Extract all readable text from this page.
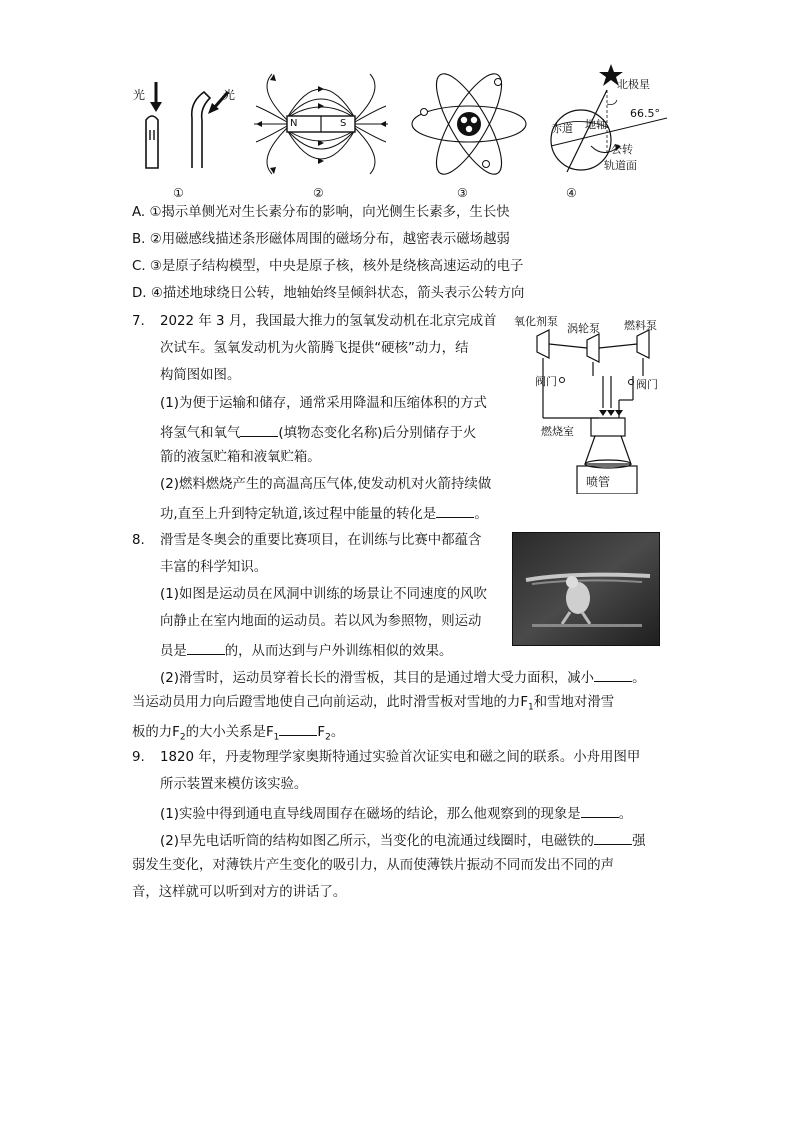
光	光
①
N	S
②	③
北极星
66.5°
赤道 地轴
公转
轨道面
④
A. ①揭示单侧光对生长素分布的影响，向光侧生长素多，生长快
B. ②用磁感线描述条形磁体周围的磁场分布，越密表示磁场越弱
C. ③是原子结构模型，中央是原子核，核外是绕核高速运动的电子
D. ④描述地球绕日公转，地轴始终呈倾斜状态，箭头表示公转方向
7. 2022 年 3 月，我国最大推力的氢氧发动机在北京完成首
次试车。氢氧发动机为火箭腾飞提供“硬核”动力，结
构简图如图。
(1)为便于运输和储存，通常采用降温和压缩体积的方式
将氢气和氧气	(填物态变化名称)后分别储存于火
箭的液氢贮箱和液氧贮箱。
(2)燃料燃烧产生的高温高压气体,使发动机对火箭持续做
功,直至上升到特定轨道,该过程中能量的转化是	。
氧化剂泵
涡轮泵 燃料泵
阀门	阀门
燃烧室
喷管
8. 滑雪是冬奥会的重要比赛项目，在训练与比赛中都蕴含
丰富的科学知识。
(1)如图是运动员在风洞中训练的场景让不同速度的风吹
向静止在室内地面的运动员。若以风为参照物，则运动
员是	的，从而达到与户外训练相似的效果。
(2)滑雪时，运动员穿着长长的滑雪板，其目的是通过增大受力面积，减小	。
当运动员用力向后蹬雪地使自己向前运动，此时滑雪板对雪地的力$F_1$和雪地对滑雪
板的力$F_2$的大小关系是$F_1$	$F_2$。
9. 1820 年，丹麦物理学家奥斯特通过实验首次证实电和磁之间的联系。小舟用图甲
所示装置来模仿该实验。
(1)实验中得到通电直导线周围存在磁场的结论，那么他观察到的现象是	。
(2)早先电话听筒的结构如图乙所示，当变化的电流通过线圈时，电磁铁的	强
弱发生变化，对薄铁片产生变化的吸引力，从而使薄铁片振动不同而发出不同的声
音，这样就可以听到对方的讲话了。
